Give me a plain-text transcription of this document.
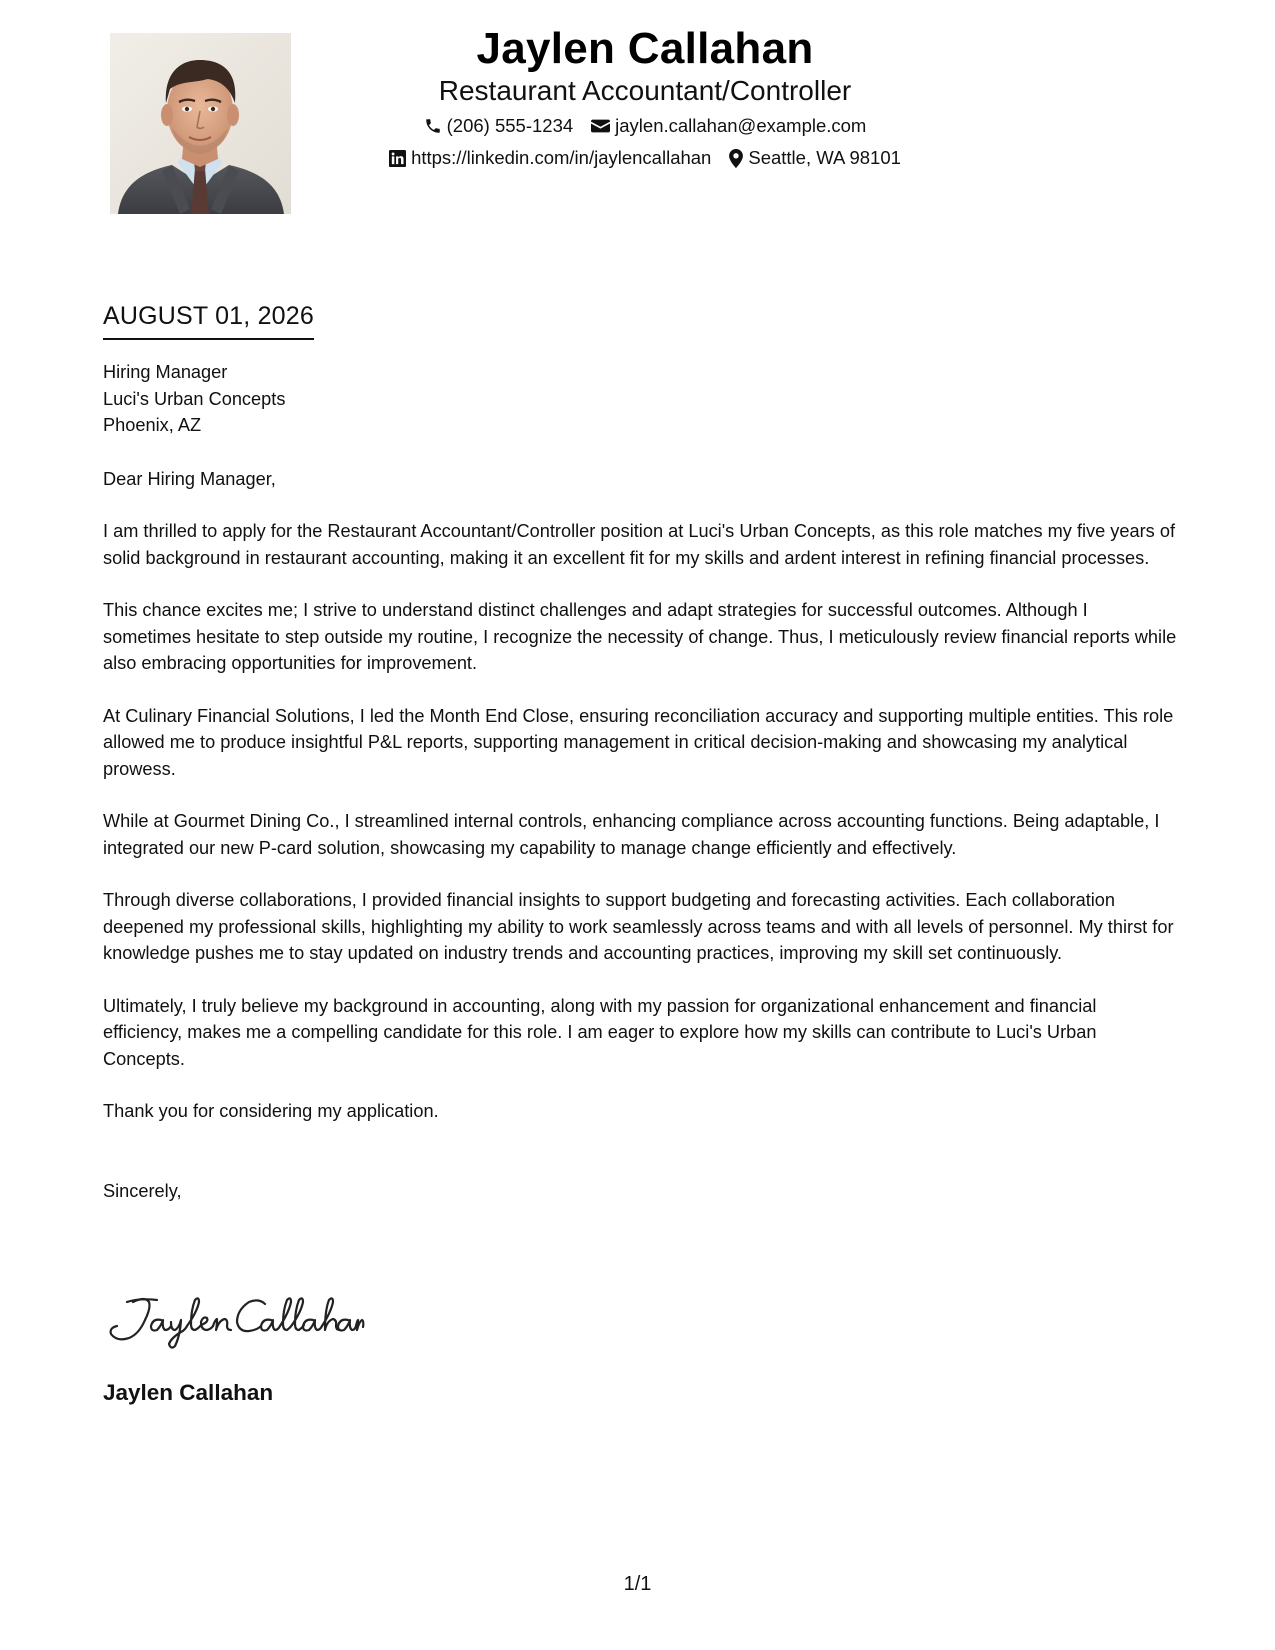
Jaylen Callahan
Restaurant Accountant/Controller
(206) 555-1234 jaylen.callahan@example.com
https://linkedin.com/in/jaylencallahan Seattle, WA 98101
AUGUST 01, 2026
Hiring Manager
Luci's Urban Concepts
Phoenix, AZ
Dear Hiring Manager,
I am thrilled to apply for the Restaurant Accountant/Controller position at Luci's Urban Concepts, as this role matches my five years of solid background in restaurant accounting, making it an excellent fit for my skills and ardent interest in refining financial processes.
This chance excites me; I strive to understand distinct challenges and adapt strategies for successful outcomes. Although I sometimes hesitate to step outside my routine, I recognize the necessity of change. Thus, I meticulously review financial reports while also embracing opportunities for improvement.
At Culinary Financial Solutions, I led the Month End Close, ensuring reconciliation accuracy and supporting multiple entities. This role allowed me to produce insightful P&L reports, supporting management in critical decision-making and showcasing my analytical prowess.
While at Gourmet Dining Co., I streamlined internal controls, enhancing compliance across accounting functions. Being adaptable, I integrated our new P-card solution, showcasing my capability to manage change efficiently and effectively.
Through diverse collaborations, I provided financial insights to support budgeting and forecasting activities. Each collaboration deepened my professional skills, highlighting my ability to work seamlessly across teams and with all levels of personnel. My thirst for knowledge pushes me to stay updated on industry trends and accounting practices, improving my skill set continuously.
Ultimately, I truly believe my background in accounting, along with my passion for organizational enhancement and financial efficiency, makes me a compelling candidate for this role. I am eager to explore how my skills can contribute to Luci's Urban Concepts.
Thank you for considering my application.
Sincerely,
Jaylen Callahan
1/1
